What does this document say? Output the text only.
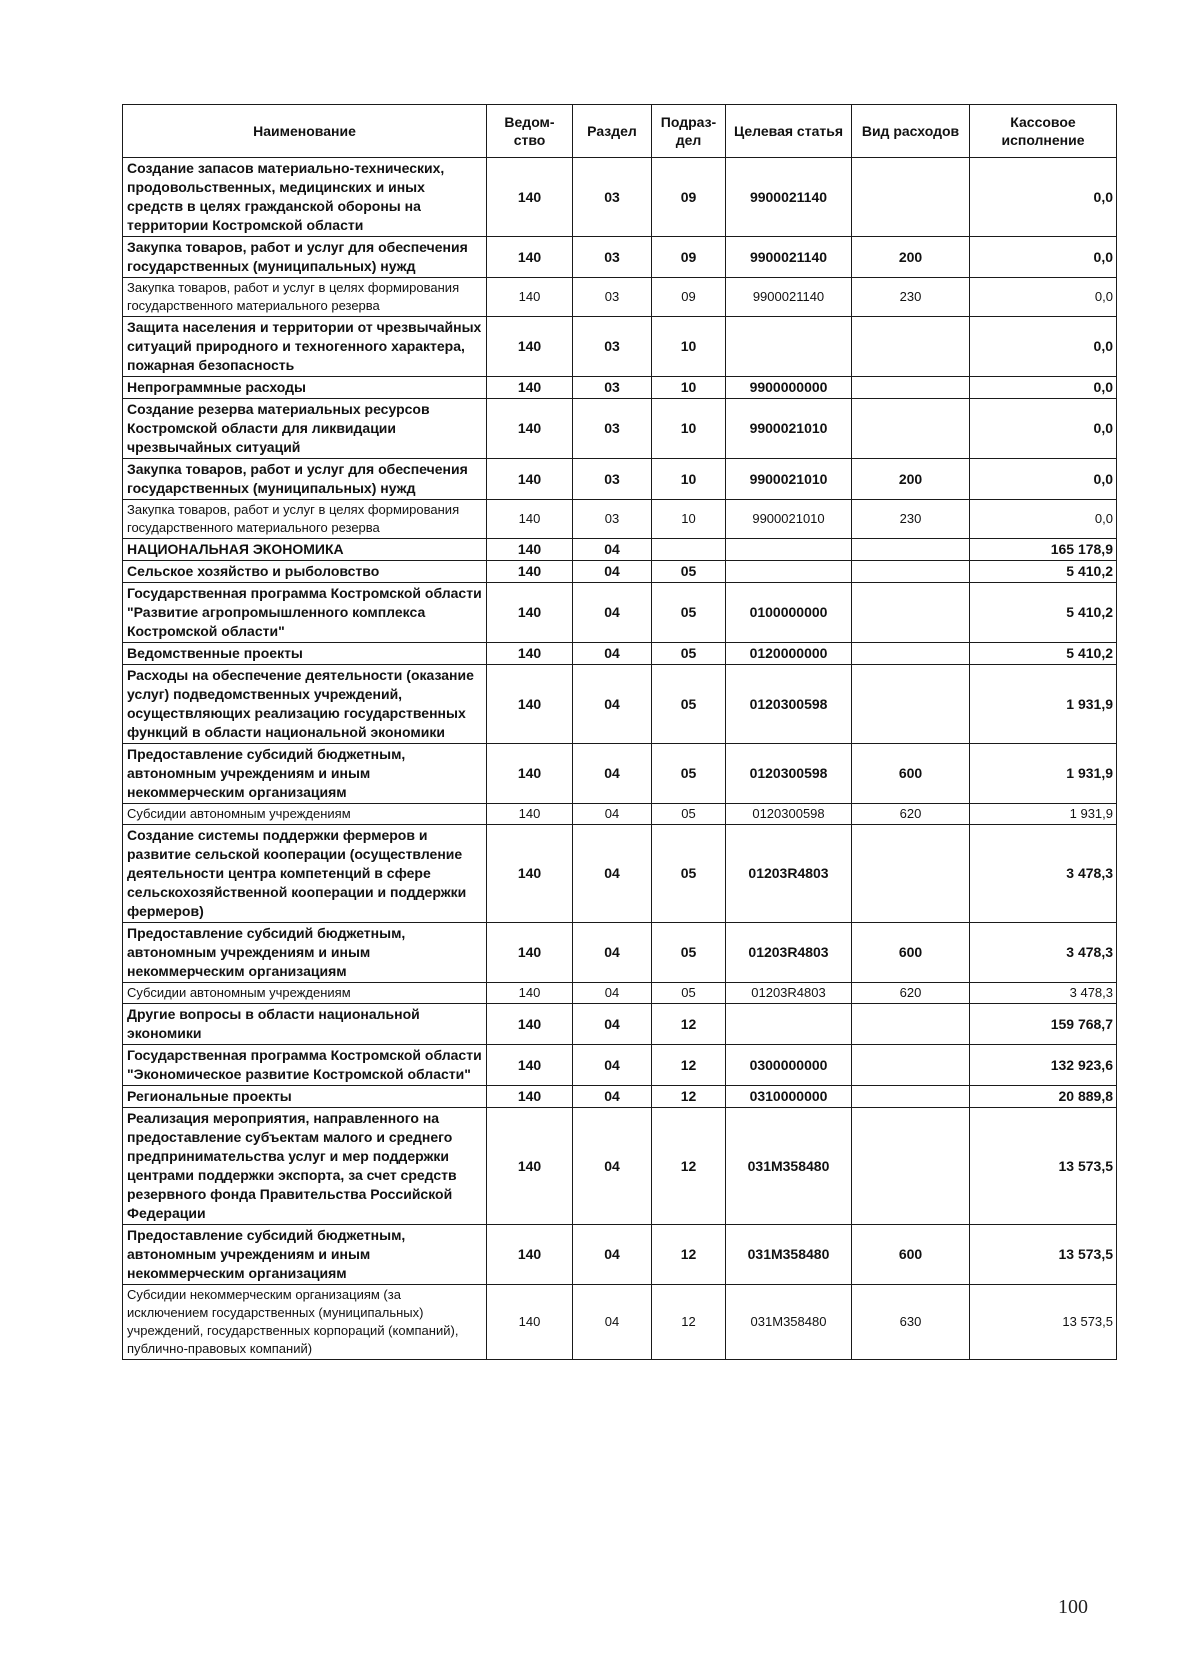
Наименование	Ведом-ство	Раздел	Подраз-дел	Целевая статья	Вид расходов	Кассовое исполнение
Создание запасов материально-технических, продовольственных, медицинских и иных средств в целях гражданской обороны на территории Костромской области	140	03	09	9900021140		0,0
Закупка товаров, работ и услуг для обеспечения государственных (муниципальных) нужд	140	03	09	9900021140	200	0,0
Закупка товаров, работ и услуг в целях формирования государственного материального резерва	140	03	09	9900021140	230	0,0
Защита населения и территории от чрезвычайных ситуаций природного и техногенного характера, пожарная безопасность	140	03	10			0,0
Непрограммные расходы	140	03	10	9900000000		0,0
Создание резерва материальных ресурсов Костромской области для ликвидации чрезвычайных ситуаций	140	03	10	9900021010		0,0
Закупка товаров, работ и услуг для обеспечения государственных (муниципальных) нужд	140	03	10	9900021010	200	0,0
Закупка товаров, работ и услуг в целях формирования государственного материального резерва	140	03	10	9900021010	230	0,0
НАЦИОНАЛЬНАЯ ЭКОНОМИКА	140	04				165 178,9
Сельское хозяйство и рыболовство	140	04	05			5 410,2
Государственная программа Костромской области "Развитие агропромышленного комплекса Костромской области"	140	04	05	0100000000		5 410,2
Ведомственные проекты	140	04	05	0120000000		5 410,2
Расходы на обеспечение деятельности (оказание услуг) подведомственных учреждений, осуществляющих реализацию государственных функций в области национальной экономики	140	04	05	0120300598		1 931,9
Предоставление субсидий бюджетным, автономным учреждениям и иным некоммерческим организациям	140	04	05	0120300598	600	1 931,9
Субсидии автономным учреждениям	140	04	05	0120300598	620	1 931,9
Создание системы поддержки фермеров и развитие сельской кооперации (осуществление деятельности центра компетенций в сфере сельскохозяйственной кооперации и поддержки фермеров)	140	04	05	01203R4803		3 478,3
Предоставление субсидий бюджетным, автономным учреждениям и иным некоммерческим организациям	140	04	05	01203R4803	600	3 478,3
Субсидии автономным учреждениям	140	04	05	01203R4803	620	3 478,3
Другие вопросы в области национальной экономики	140	04	12			159 768,7
Государственная программа Костромской области "Экономическое развитие Костромской области"	140	04	12	0300000000		132 923,6
Региональные проекты	140	04	12	0310000000		20 889,8
Реализация мероприятия, направленного на предоставление субъектам малого и среднего предпринимательства услуг и мер поддержки центрами поддержки экспорта, за счет средств резервного фонда Правительства Российской Федерации	140	04	12	031М358480		13 573,5
Предоставление субсидий бюджетным, автономным учреждениям и иным некоммерческим организациям	140	04	12	031М358480	600	13 573,5
Субсидии некоммерческим организациям (за исключением государственных (муниципальных) учреждений, государственных корпораций (компаний), публично-правовых компаний)	140	04	12	031М358480	630	13 573,5
100
